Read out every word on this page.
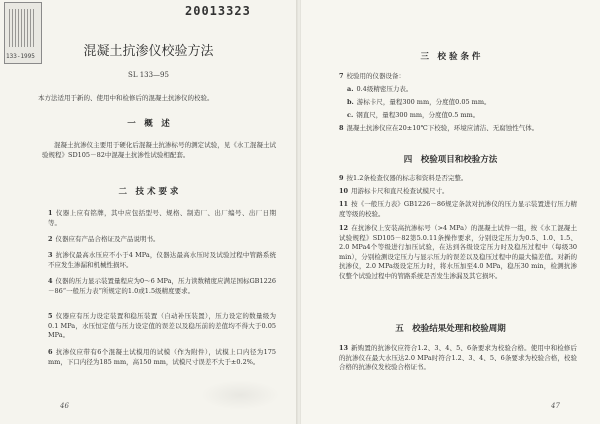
133-1995
20013323
混凝土抗渗仪校验方法
SL 133—95

本方法适用于新的、使用中和检修后的混凝土抗渗仪的校验。

一　概　述

混凝土抗渗仪主要用于硬化后混凝土抗渗标号的测定试验，见《水工混凝土试验规程》SD105－82中混凝土抗渗性试验相配套。

二　技 术 要 求

1 仪器上应有铭牌，其中应包括型号、规格、制造厂、出厂编号、出厂日期等。

2 仪器应有产品合格证及产品说明书。

3 抗渗仪最高水压应不小于4 MPa，仪器达最高水压时及试验过程中管路系统不应发生渗漏和机械性损坏。

4 仪器的压力显示装置量程应为0～6 MPa，压力读数精度应满足国标GB1226－86“一般压力表”所规定的1.0或1.5级精度要求。

5 仪器应有压力设定装置和稳压装置（自动补压装置），压力设定的数量级为0.1 MPa，水压恒定值与压力设定值的误差以及稳压前的差值均不得大于0.05 MPa。

6 抗渗仪应带有6个混凝土试模用的试模（作为附件），试模上口内径为175 mm，下口内径为185 mm，高150 mm，试模尺寸误差不大于±0.2%。

46
三　校 验 条 件

7 校验用的仪器设备：

a. 0.4级精密压力表。

b. 游标卡尺，量程300 mm，分度值0.05 mm。

c. 钢直尺，量程300 mm，分度值0.5 mm。

8 混凝土抗渗仪应在20±10℃下校验，环境应清洁、无腐蚀性气体。

四　校验项目和校验方法

9 按1.2条检查仪器的标志和资料是否完整。

10 用游标卡尺和直尺检查试模尺寸。

11 按《一般压力表》GB1226－86规定条款对抗渗仪的压力显示装置进行压力精度等级的校验。

12 在抗渗仪上安装高抗渗标号（>4 MPa）的混凝土试件一组，按《水工混凝土试验规程》SD105－82第5.0.11条操作要求，分别设定压力为0.5、1.0、1.5、2.0 MPa4个等级进行加压试验，在达到各级设定压力时及稳压过程中（每级30 min），分别检测设定压力与显示压力的误差以及稳压过程中的最大偏差值。对新的抗渗仪，2.0 MPa级设定压力时，将水压加至4.0 MPa，稳压30 min，检测抗渗仪整个试验过程中的管路系统是否发生渗漏及其它损坏。

五　校验结果处理和校验周期

13 新购置的抗渗仪应符合1.2、3、4、5、6条要求为校验合格。使用中和检修后的抗渗仪在最大水压达2.0 MPa时符合1.2、3、4、5、6条要求为校验合格，校验合格的抗渗仪发校验合格证书。

47
